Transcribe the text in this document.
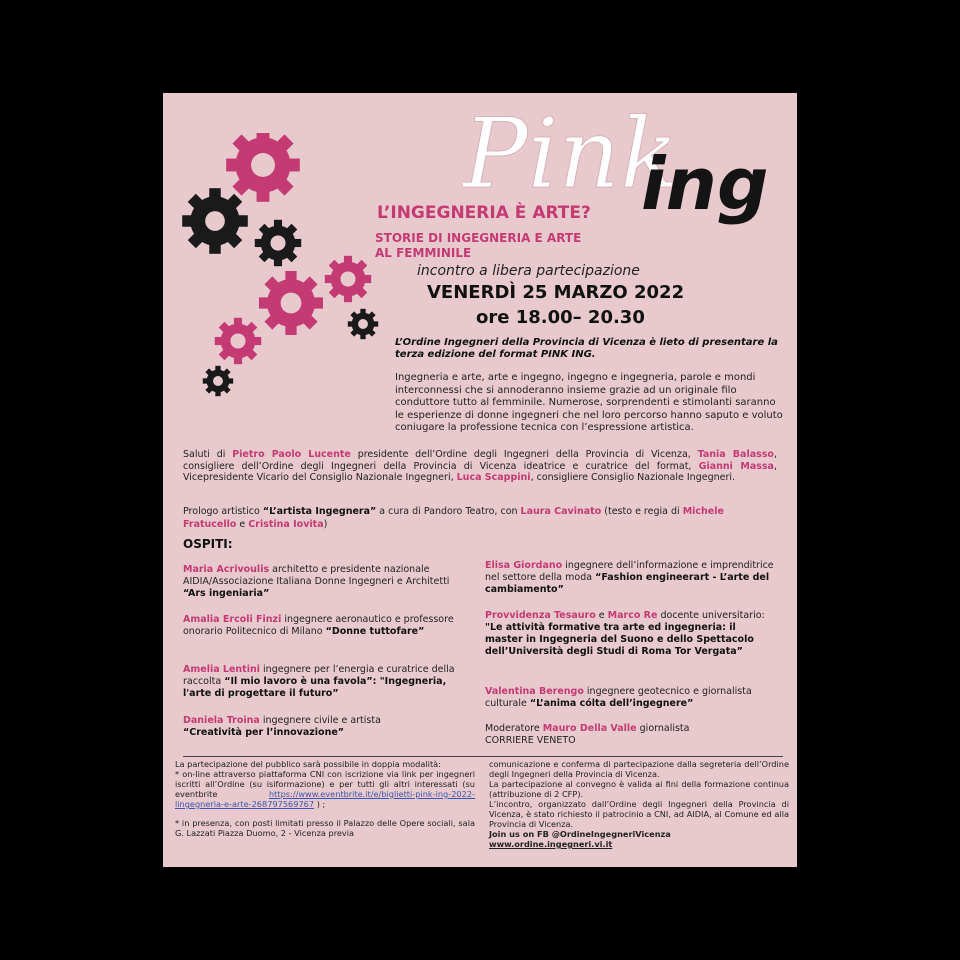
Pink
ing
L’INGEGNERIA È ARTE?
STORIE DI INGEGNERIA E ARTE
AL FEMMINILE
incontro a libera partecipazione
VENERDÌ 25 MARZO 2022
ore 18.00– 20.30
L’Ordine Ingegneri della Provincia di Vicenza è lieto di presentare la terza edizione del format PINK ING.
Ingegneria e arte, arte e ingegno, ingegno e ingegneria, parole e mondi interconnessi che si annoderanno insieme grazie ad un originale filo conduttore tutto al femminile. Numerose, sorprendenti e stimolanti saranno le esperienze di donne ingegneri che nel loro percorso hanno saputo e voluto coniugare la professione tecnica con l’espressione artistica.
Saluti di Pietro Paolo Lucente presidente dell’Ordine degli Ingegneri della Provincia di Vicenza, Tania Balasso, consigliere dell’Ordine degli Ingegneri della Provincia di Vicenza ideatrice e curatrice del format, Gianni Massa, Vicepresidente Vicario del Consiglio Nazionale Ingegneri, Luca Scappini, consigliere Consiglio Nazionale Ingegneri.
Prologo artistico “L’artista Ingegnera” a cura di Pandoro Teatro, con Laura Cavinato (testo e regia di Michele Fratucello e Cristina Iovita)
OSPITI:
Maria Acrivoulis architetto e presidente nazionale AIDIA/Associazione Italiana Donne Ingegneri e Architetti “Ars ingeniaria”
Amalia Ercoli Finzi ingegnere aeronautico e professore onorario Politecnico di Milano “Donne tuttofare”
Amelia Lentini ingegnere per l’energia e curatrice della raccolta “Il mio lavoro è una favola”: "Ingegneria, l'arte di progettare il futuro”
Daniela Troina ingegnere civile e artista
“Creatività per l’innovazione”
Elisa Giordano ingegnere dell’informazione e imprenditrice nel settore della moda “Fashion engineerart - L’arte del cambiamento”
Provvidenza Tesauro e Marco Re docente universitario: "Le attività formative tra arte ed ingegneria: il master in Ingegneria del Suono e dello Spettacolo dell’Università degli Studi di Roma Tor Vergata”
Valentina Berengo ingegnere geotecnico e giornalista culturale “L’anima cólta dell’ingegnere”
Moderatore Mauro Della Valle giornalista
CORRIERE VENETO
La partecipazione del pubblico sarà possibile in doppia modalità:
* on-line attraverso piattaforma CNI con iscrizione via link per ingegneri iscritti all’Ordine (su isiformazione) e per tutti gli altri interessati (su eventbrite	https://www.eventbrite.it/e/biglietti-pink-ing-2022-lingegneria-e-arte-268797569767 ) ;
* in presenza, con posti limitati presso il Palazzo delle Opere sociali, sala G. Lazzati Piazza Duomo, 2 - Vicenza previa
comunicazione e conferma di partecipazione dalla segreteria dell’Ordine degli Ingegneri della Provincia di Vicenza.
La partecipazione al convegno è valida ai fini della formazione continua (attribuzione di 2 CFP).
L’incontro, organizzato dall’Ordine degli Ingegneri della Provincia di Vicenza, è stato richiesto il patrocinio a CNI, ad AIDIA, al Comune ed alla Provincia di Vicenza.
Join us on FB @OrdineIngegneriVicenza
www.ordine.ingegneri.vi.it
